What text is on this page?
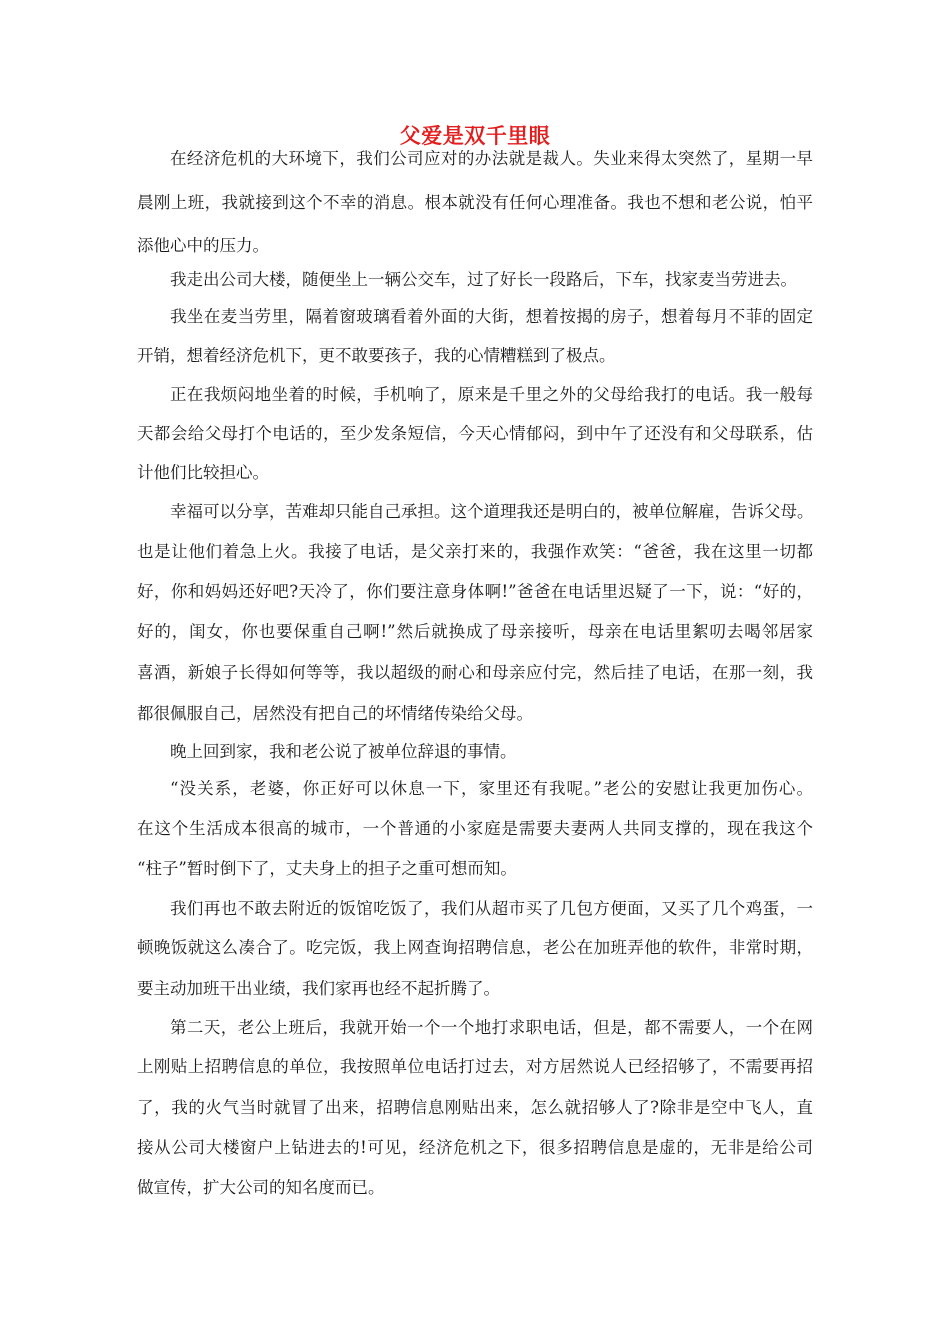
父爱是双千里眼
在经济危机的大环境下，我们公司应对的办法就是裁人。失业来得太突然了，星期一早
晨刚上班，我就接到这个不幸的消息。根本就没有任何心理准备。我也不想和老公说，怕平
添他心中的压力。
我走出公司大楼，随便坐上一辆公交车，过了好长一段路后，下车，找家麦当劳进去。
我坐在麦当劳里，隔着窗玻璃看着外面的大街，想着按揭的房子，想着每月不菲的固定
开销，想着经济危机下，更不敢要孩子，我的心情糟糕到了极点。
正在我烦闷地坐着的时候，手机响了，原来是千里之外的父母给我打的电话。我一般每
天都会给父母打个电话的，至少发条短信，今天心情郁闷，到中午了还没有和父母联系，估
计他们比较担心。
幸福可以分享，苦难却只能自己承担。这个道理我还是明白的，被单位解雇，告诉父母。
也是让他们着急上火。我接了电话，是父亲打来的，我强作欢笑：“爸爸，我在这里一切都
好，你和妈妈还好吧?天冷了，你们要注意身体啊!”爸爸在电话里迟疑了一下，说：“好的，
好的，闺女，你也要保重自己啊!”然后就换成了母亲接听，母亲在电话里絮叨去喝邻居家
喜酒，新娘子长得如何等等，我以超级的耐心和母亲应付完，然后挂了电话，在那一刻，我
都很佩服自己，居然没有把自己的坏情绪传染给父母。
晚上回到家，我和老公说了被单位辞退的事情。
“没关系，老婆，你正好可以休息一下，家里还有我呢。”老公的安慰让我更加伤心。
在这个生活成本很高的城市，一个普通的小家庭是需要夫妻两人共同支撑的，现在我这个
“柱子”暂时倒下了，丈夫身上的担子之重可想而知。
我们再也不敢去附近的饭馆吃饭了，我们从超市买了几包方便面，又买了几个鸡蛋，一
顿晚饭就这么凑合了。吃完饭，我上网查询招聘信息，老公在加班弄他的软件，非常时期，
要主动加班干出业绩，我们家再也经不起折腾了。
第二天，老公上班后，我就开始一个一个地打求职电话，但是，都不需要人，一个在网
上刚贴上招聘信息的单位，我按照单位电话打过去，对方居然说人已经招够了，不需要再招
了，我的火气当时就冒了出来，招聘信息刚贴出来，怎么就招够人了?除非是空中飞人，直
接从公司大楼窗户上钻进去的!可见，经济危机之下，很多招聘信息是虚的，无非是给公司
做宣传，扩大公司的知名度而已。
